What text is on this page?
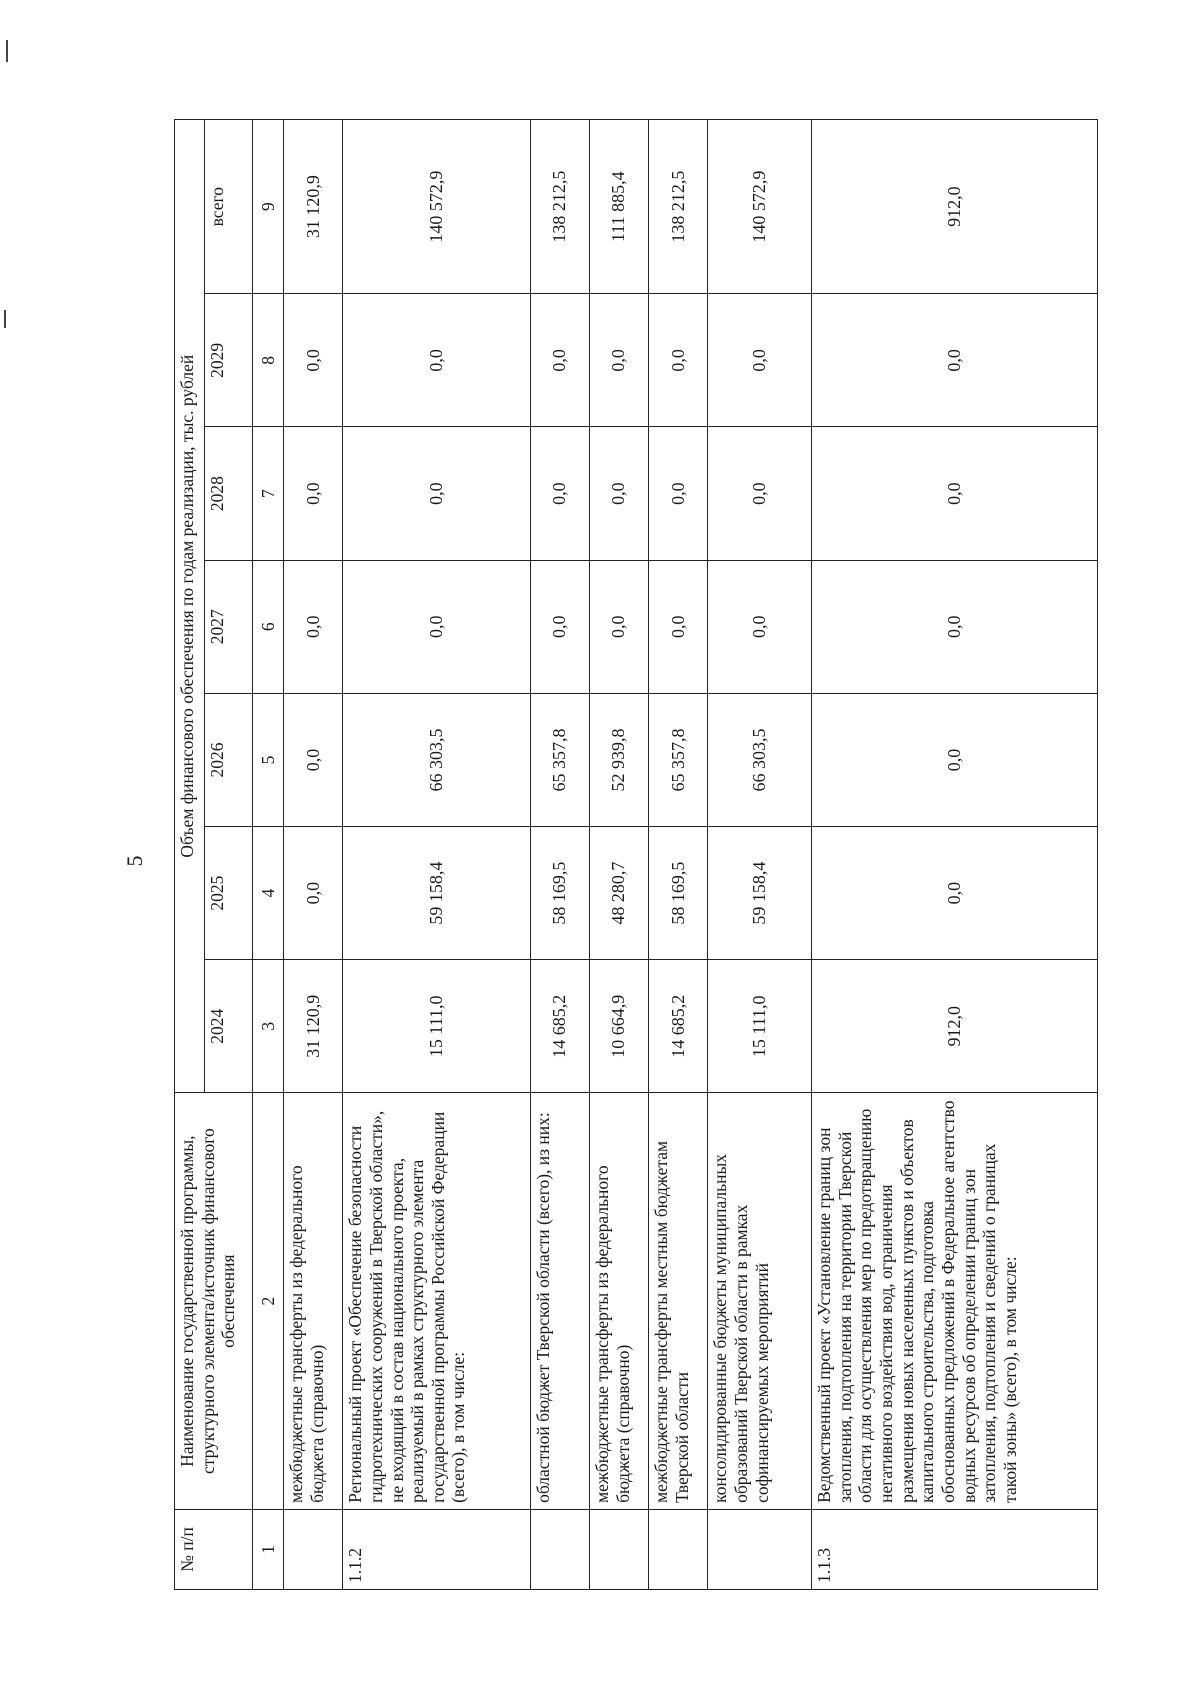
5
№ п/п	Наименование государственной программы, структурного элемента/источник финансового обеспечения	Объем финансового обеспечения по годам реализации, тыс. рублей						
		2024	2025	2026	2027	2028	2029	всего
1	2	3	4	5	6	7	8	9
	межбюджетные трансферты из федерального бюджета (справочно)	31 120,9	0,0	0,0	0,0	0,0	0,0	31 120,9
1.1.2	Региональный проект «Обеспечение безопасности гидротехнических сооружений в Тверской области», не входящий в состав национального проекта, реализуемый в рамках структурного элемента государственной программы Российской Федерации (всего), в том числе:	15 111,0	59 158,4	66 303,5	0,0	0,0	0,0	140 572,9
	областной бюджет Тверской области (всего), из них:	14 685,2	58 169,5	65 357,8	0,0	0,0	0,0	138 212,5
	межбюджетные трансферты из федерального бюджета (справочно)	10 664,9	48 280,7	52 939,8	0,0	0,0	0,0	111 885,4
	межбюджетные трансферты местным бюджетам Тверской области	14 685,2	58 169,5	65 357,8	0,0	0,0	0,0	138 212,5
	консолидированные бюджеты муниципальных образований Тверской области в рамках софинансируемых мероприятий	15 111,0	59 158,4	66 303,5	0,0	0,0	0,0	140 572,9
1.1.3	Ведомственный проект «Установление границ зон затопления, подтопления на территории Тверской области для осуществления мер по предотвращению негативного воздействия вод, ограничения размещения новых населенных пунктов и объектов капитального строительства, подготовка обоснованных предложений в Федеральное агентство водных ресурсов об определении границ зон затопления, подтопления и сведений о границах такой зоны» (всего), в том числе:	912,0	0,0	0,0	0,0	0,0	0,0	912,0
